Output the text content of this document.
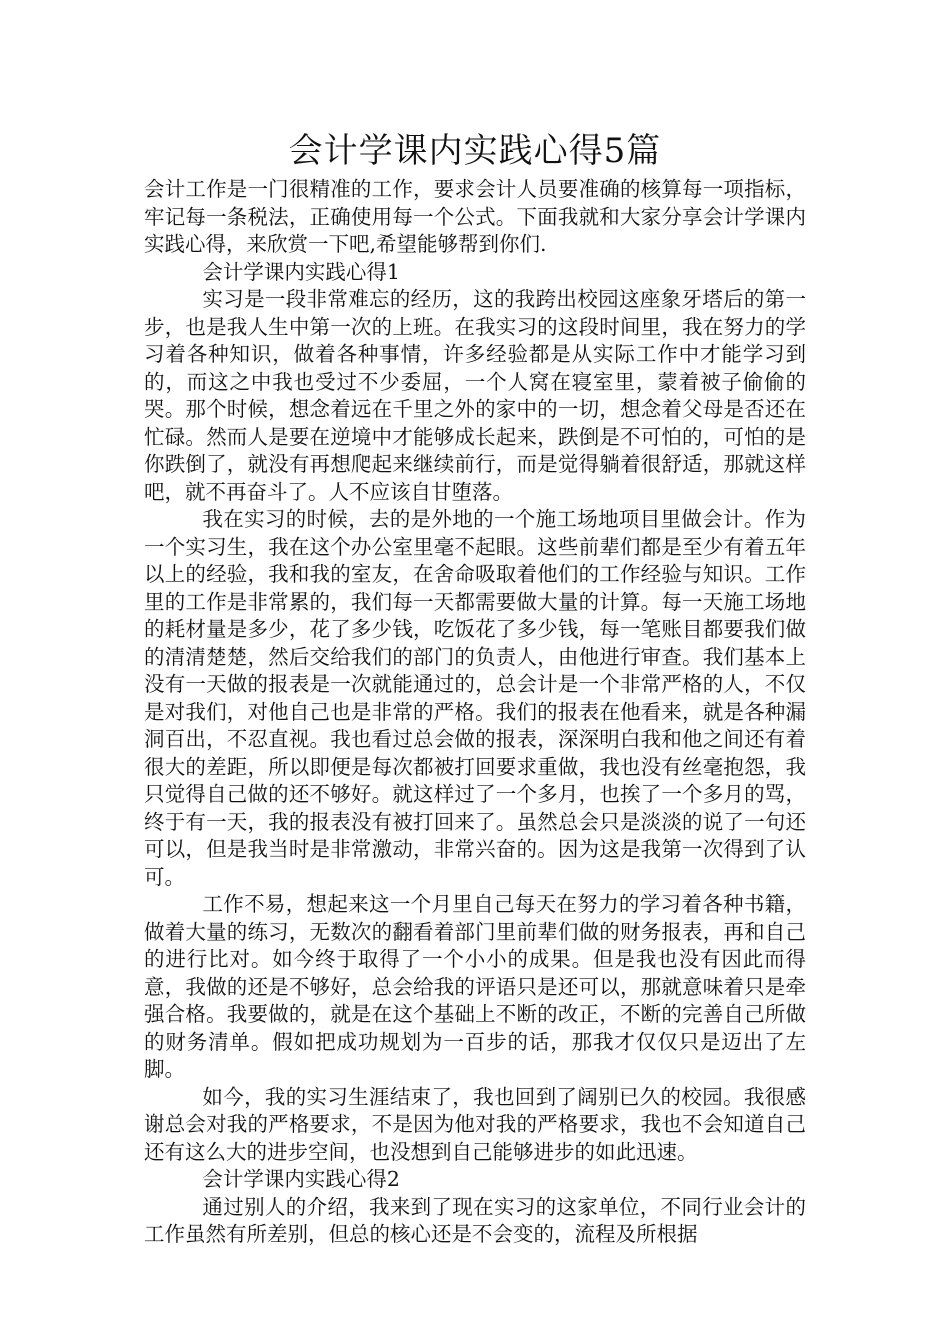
会计学课内实践心得5篇

会计工作是一门很精准的工作，要求会计人员要准确的核算每一项指标，牢记每一条税法，正确使用每一个公式。下面我就和大家分享会计学课内实践心得，来欣赏一下吧,希望能够帮到你们.

会计学课内实践心得1

实习是一段非常难忘的经历，这的我跨出校园这座象牙塔后的第一步，也是我人生中第一次的上班。在我实习的这段时间里，我在努力的学习着各种知识，做着各种事情，许多经验都是从实际工作中才能学习到的，而这之中我也受过不少委屈，一个人窝在寝室里，蒙着被子偷偷的哭。那个时候，想念着远在千里之外的家中的一切，想念着父母是否还在忙碌。然而人是要在逆境中才能够成长起来，跌倒是不可怕的，可怕的是你跌倒了，就没有再想爬起来继续前行，而是觉得躺着很舒适，那就这样吧，就不再奋斗了。人不应该自甘堕落。

我在实习的时候，去的是外地的一个施工场地项目里做会计。作为一个实习生，我在这个办公室里毫不起眼。这些前辈们都是至少有着五年以上的经验，我和我的室友，在舍命吸取着他们的工作经验与知识。工作里的工作是非常累的，我们每一天都需要做大量的计算。每一天施工场地的耗材量是多少，花了多少钱，吃饭花了多少钱，每一笔账目都要我们做的清清楚楚，然后交给我们的部门的负责人，由他进行审查。我们基本上没有一天做的报表是一次就能通过的，总会计是一个非常严格的人，不仅是对我们，对他自己也是非常的严格。我们的报表在他看来，就是各种漏洞百出，不忍直视。我也看过总会做的报表，深深明白我和他之间还有着很大的差距，所以即便是每次都被打回要求重做，我也没有丝毫抱怨，我只觉得自己做的还不够好。就这样过了一个多月，也挨了一个多月的骂，终于有一天，我的报表没有被打回来了。虽然总会只是淡淡的说了一句还可以，但是我当时是非常激动，非常兴奋的。因为这是我第一次得到了认可。

工作不易，想起来这一个月里自己每天在努力的学习着各种书籍，做着大量的练习，无数次的翻看着部门里前辈们做的财务报表，再和自己的进行比对。如今终于取得了一个小小的成果。但是我也没有因此而得意，我做的还是不够好，总会给我的评语只是还可以，那就意味着只是牵强合格。我要做的，就是在这个基础上不断的改正，不断的完善自己所做的财务清单。假如把成功规划为一百步的话，那我才仅仅只是迈出了左脚。

如今，我的实习生涯结束了，我也回到了阔别已久的校园。我很感谢总会对我的严格要求，不是因为他对我的严格要求，我也不会知道自己还有这么大的进步空间，也没想到自己能够进步的如此迅速。

会计学课内实践心得2

通过别人的介绍，我来到了现在实习的这家单位，不同行业会计的工作虽然有所差别，但总的核心还是不会变的，流程及所根据
